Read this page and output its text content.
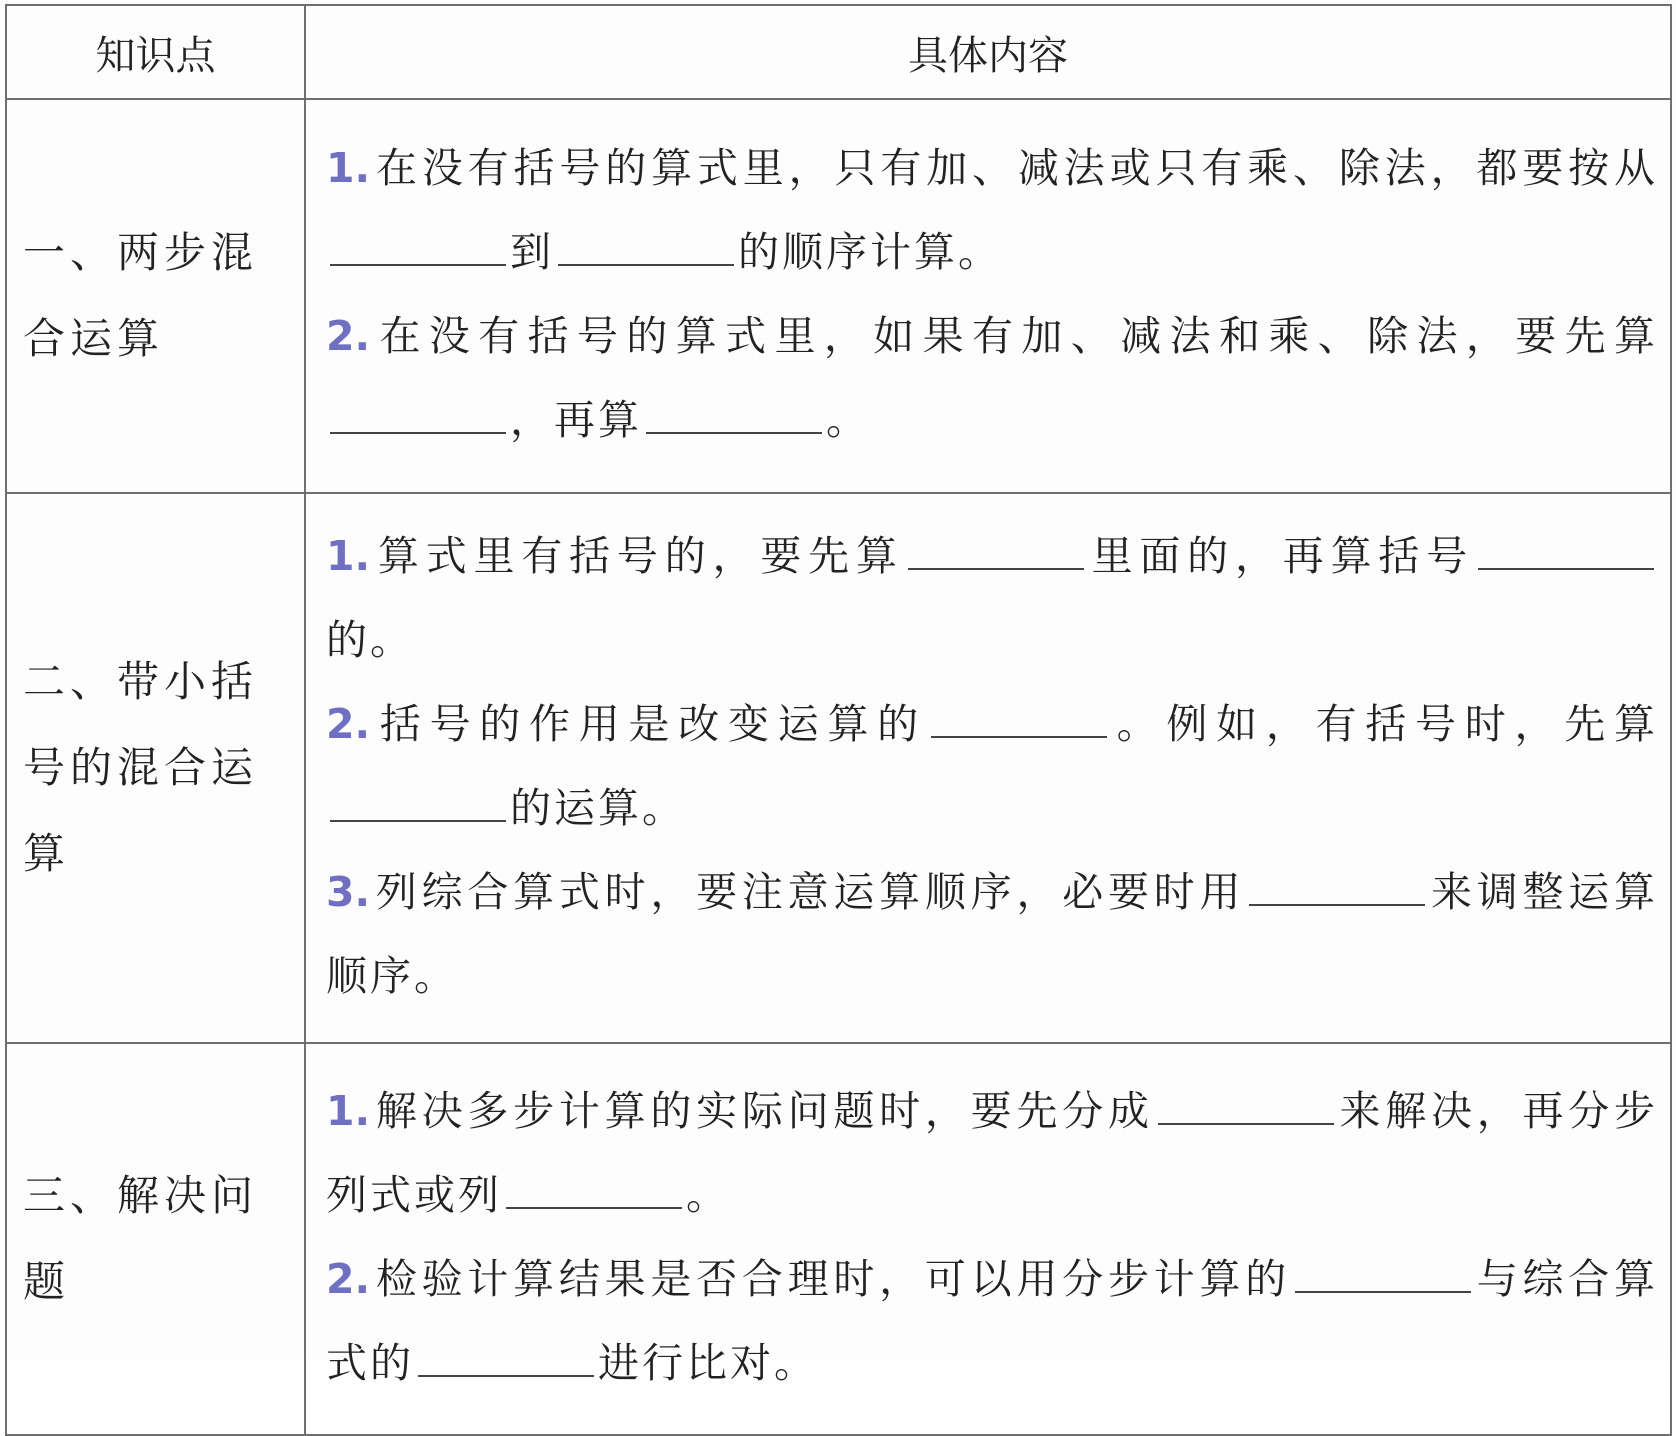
知识点	具体内容
一、两步混合运算	1.在没有括号的算式里，只有加、减法或只有乘、除法，都要按从到 的顺序计算。
2.在没有括号的算式里，如果有加、减法和乘、除法，要先算，再算 。

二、带小括号的混合运算	1.算式里有括号的，要先算 里面的，再算括号的。
2.括号的作用是改变运算的 。例如，有括号时，先算的运算。
3.列综合算式时，要注意运算顺序，必要时用 来调整运算顺序。

三、解决问题	1.解决多步计算的实际问题时，要先分成 来解决，再分步列式或列 。
2.检验计算结果是否合理时，可以用分步计算的 与综合算式的 进行比对。
